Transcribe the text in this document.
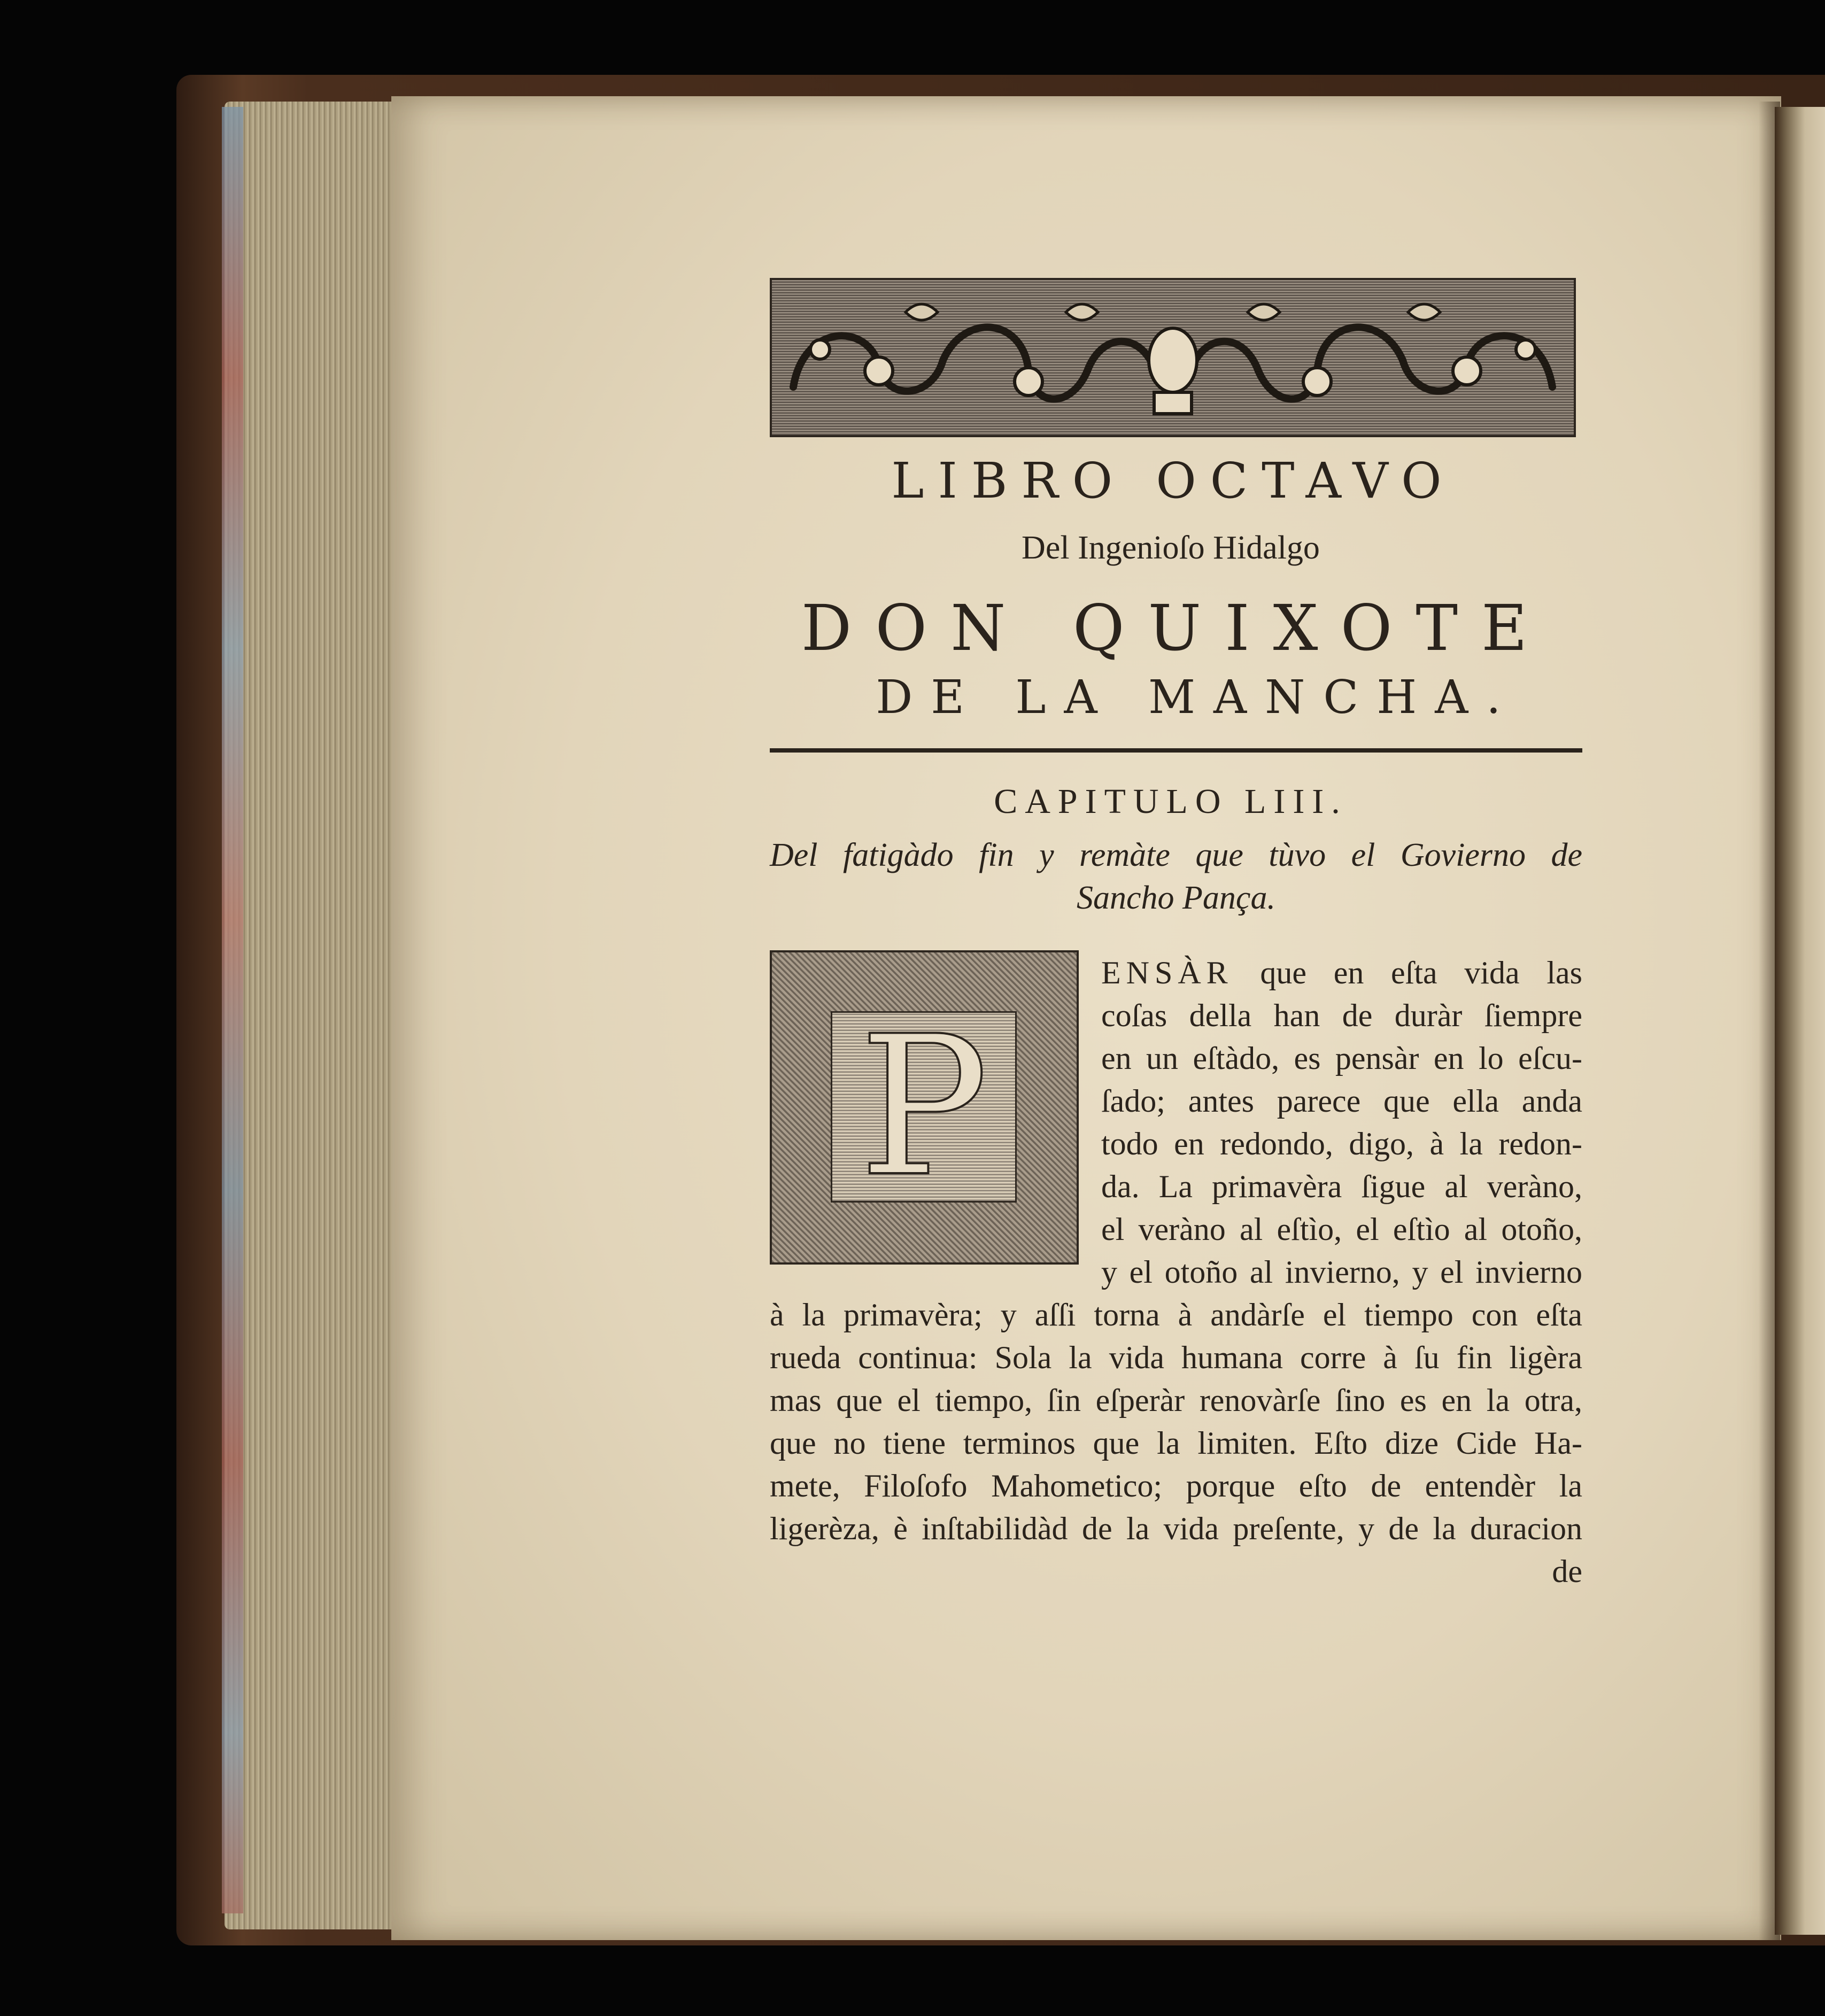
LIBRO OCTAVO
Del Ingenioſo Hidalgo
DON QUIXOTE
DE LA MANCHA.
CAPITULO LIII.
Del fatigàdo fin y remàte que tùvo el Govierno de
Sancho Pança.
P
ENSÀR que en eſta vida las
coſas della han de duràr ſiempre
en un eſtàdo, es pensàr en lo eſcu-
ſado; antes parece que ella anda
todo en redondo, digo, à la redon-
da. La primavèra ſigue al veràno,
el veràno al eſtìo, el eſtìo al otoño,
y el otoño al invierno, y el invierno
à la primavèra; y aſſi torna à andàrſe el tiempo con eſta
rueda continua: Sola la vida humana corre à ſu fin ligèra
mas que el tiempo, ſin eſperàr renovàrſe ſino es en la otra,
que no tiene terminos que la limiten. Eſto dize Cide Ha-
mete, Filoſofo Mahometico; porque eſto de entendèr la
ligerèza, è inſtabilidàd de la vida preſente, y de la duracion
de
